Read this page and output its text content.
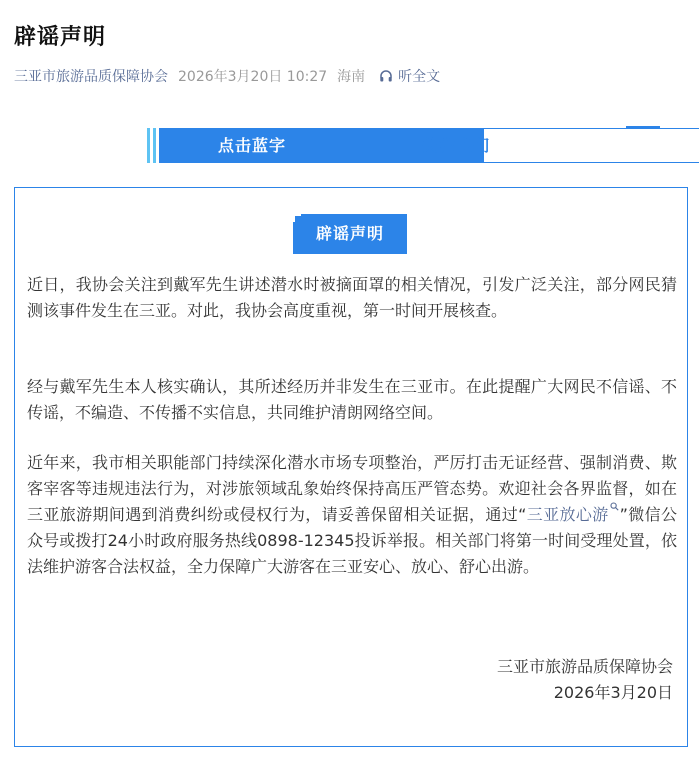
辟谣声明
三亚市旅游品质保障协会 2026年3月20日 10:27 海南 听全文
点击蓝字	关注我们
辟谣声明

近日，我协会关注到戴军先生讲述潜水时被摘面罩的相关情况，引发广泛关注，部分网民猜测该事件发生在三亚。对此，我协会高度重视，第一时间开展核查。

经与戴军先生本人核实确认，其所述经历并非发生在三亚市。在此提醒广大网民不信谣、不传谣，不编造、不传播不实信息，共同维护清朗网络空间。

近年来，我市相关职能部门持续深化潜水市场专项整治，严厉打击无证经营、强制消费、欺客宰客等违规违法行为，对涉旅领域乱象始终保持高压严管态势。欢迎社会各界监督，如在三亚旅游期间遇到消费纠纷或侵权行为，请妥善保留相关证据，通过“三亚放心游 ”微信公众号或拨打24小时政府服务热线0898-12345投诉举报。相关部门将第一时间受理处置，依法维护游客合法权益，全力保障广大游客在三亚安心、放心、舒心出游。

三亚市旅游品质保障协会
2026年3月20日
